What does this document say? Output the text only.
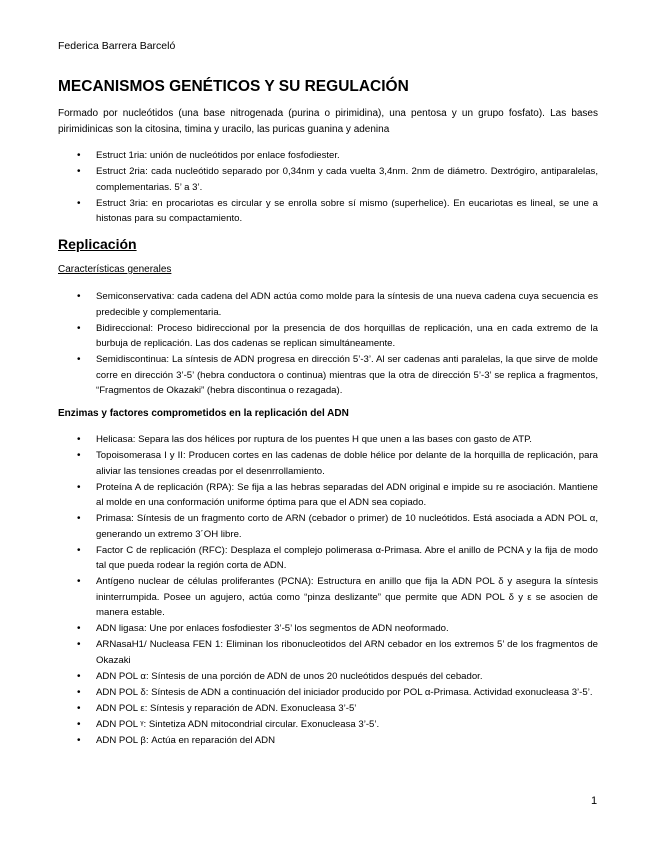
Federica Barrera Barceló
MECANISMOS GENÉTICOS Y SU REGULACIÓN

Formado por nucleótidos (una base nitrogenada (purina o pirimidina), una pentosa y un grupo fosfato). Las bases pirimidinicas son la citosina, timina y uracilo, las puricas guanina y adenina

• Estruct 1ria: unión de nucleótidos por enlace fosfodiester.
• Estruct 2ria: cada nucleótido separado por 0,34nm y cada vuelta 3,4nm. 2nm de diámetro. Dextrógiro, antiparalelas, complementarias. 5’ a 3’.
• Estruct 3ria: en procariotas es circular y se enrolla sobre sí mismo (superhelice). En eucariotas es lineal, se une a histonas para su compactamiento.
Replicación
Características generales
• Semiconservativa: cada cadena del ADN actúa como molde para la síntesis de una nueva cadena cuya secuencia es predecible y complementaria.
• Bidireccional: Proceso bidireccional por la presencia de dos horquillas de replicación, una en cada extremo de la burbuja de replicación. Las dos cadenas se replican simultáneamente.
• Semidiscontinua: La síntesis de ADN progresa en dirección 5’-3’. Al ser cadenas anti paralelas, la que sirve de molde corre en dirección 3’-5’ (hebra conductora o continua) mientras que la otra de dirección 5’-3’ se replica a fragmentos, “Fragmentos de Okazaki” (hebra discontinua o rezagada).
Enzimas y factores comprometidos en la replicación del ADN
• Helicasa: Separa las dos hélices por ruptura de los puentes H que unen a las bases con gasto de ATP.
• Topoisomerasa I y II: Producen cortes en las cadenas de doble hélice por delante de la horquilla de replicación, para aliviar las tensiones creadas por el desenrrollamiento.
• Proteína A de replicación (RPA): Se fija a las hebras separadas del ADN original e impide su re asociación. Mantiene al molde en una conformación uniforme óptima para que el ADN sea copiado.
• Primasa: Síntesis de un fragmento corto de ARN (cebador o primer) de 10 nucleótidos. Está asociada a ADN POL α, generando un extremo 3´OH libre.
• Factor C de replicación (RFC): Desplaza el complejo polimerasa α-Primasa. Abre el anillo de PCNA y la fija de modo tal que pueda rodear la región corta de ADN.
• Antígeno nuclear de células proliferantes (PCNA): Estructura en anillo que fija la ADN POL δ y asegura la síntesis ininterrumpida. Posee un agujero, actúa como “pinza deslizante” que permite que ADN POL δ y ε se asocien de manera estable.
• ADN ligasa: Une por enlaces fosfodiester 3’-5’ los segmentos de ADN neoformado.
• ARNasaH1/ Nucleasa FEN 1: Eliminan los ribonucleotidos del ARN cebador en los extremos 5’ de los fragmentos de Okazaki
• ADN POL α: Síntesis de una porción de ADN de unos 20 nucleótidos después del cebador.
• ADN POL δ: Síntesis de ADN a continuación del iniciador producido por POL α-Primasa. Actividad exonucleasa 3’-5’.
• ADN POL ε: Síntesis y reparación de ADN. Exonucleasa 3’-5’
• ADN POL ᵞ: Sintetiza ADN mitocondrial circular. Exonucleasa 3’-5’.
• ADN POL β: Actúa en reparación del ADN
1
